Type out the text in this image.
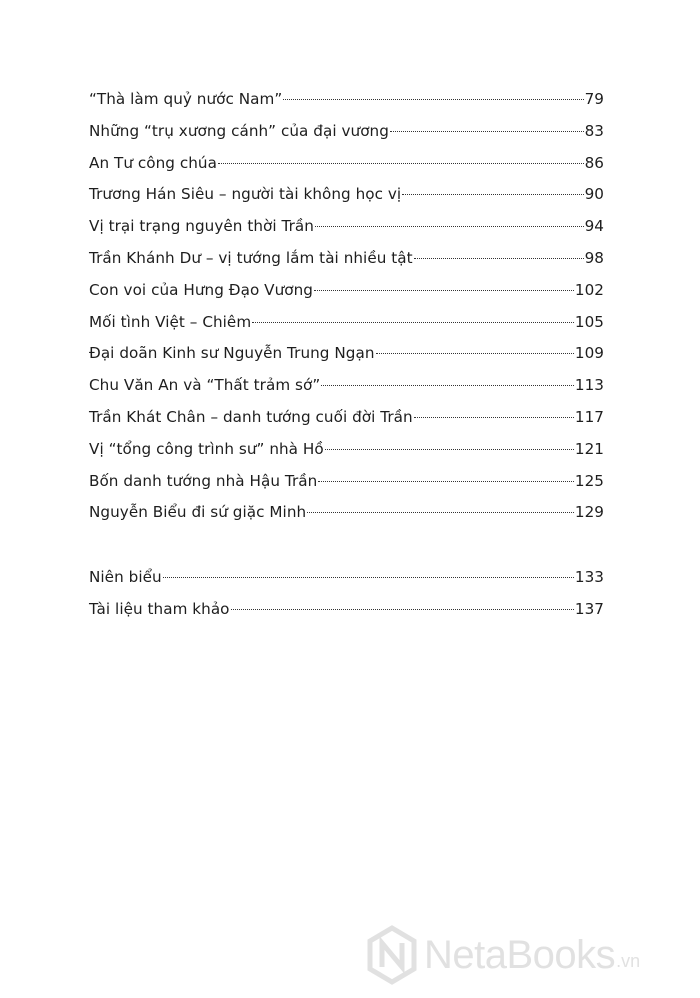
“Thà làm quỷ nước Nam”	79
Những “trụ xương cánh” của đại vương	83
An Tư công chúa	86
Trương Hán Siêu – người tài không học vị	90
Vị trại trạng nguyên thời Trần	94
Trần Khánh Dư – vị tướng lắm tài nhiều tật	98
Con voi của Hưng Đạo Vương	102
Mối tình Việt – Chiêm	105
Đại doãn Kinh sư Nguyễn Trung Ngạn	109
Chu Văn An và “Thất trảm sớ”	113
Trần Khát Chân – danh tướng cuối đời Trần	117
Vị “tổng công trình sư” nhà Hồ	121
Bốn danh tướng nhà Hậu Trần	125
Nguyễn Biểu đi sứ giặc Minh	129
Niên biểu	133
Tài liệu tham khảo	137
NetaBooks .vn
